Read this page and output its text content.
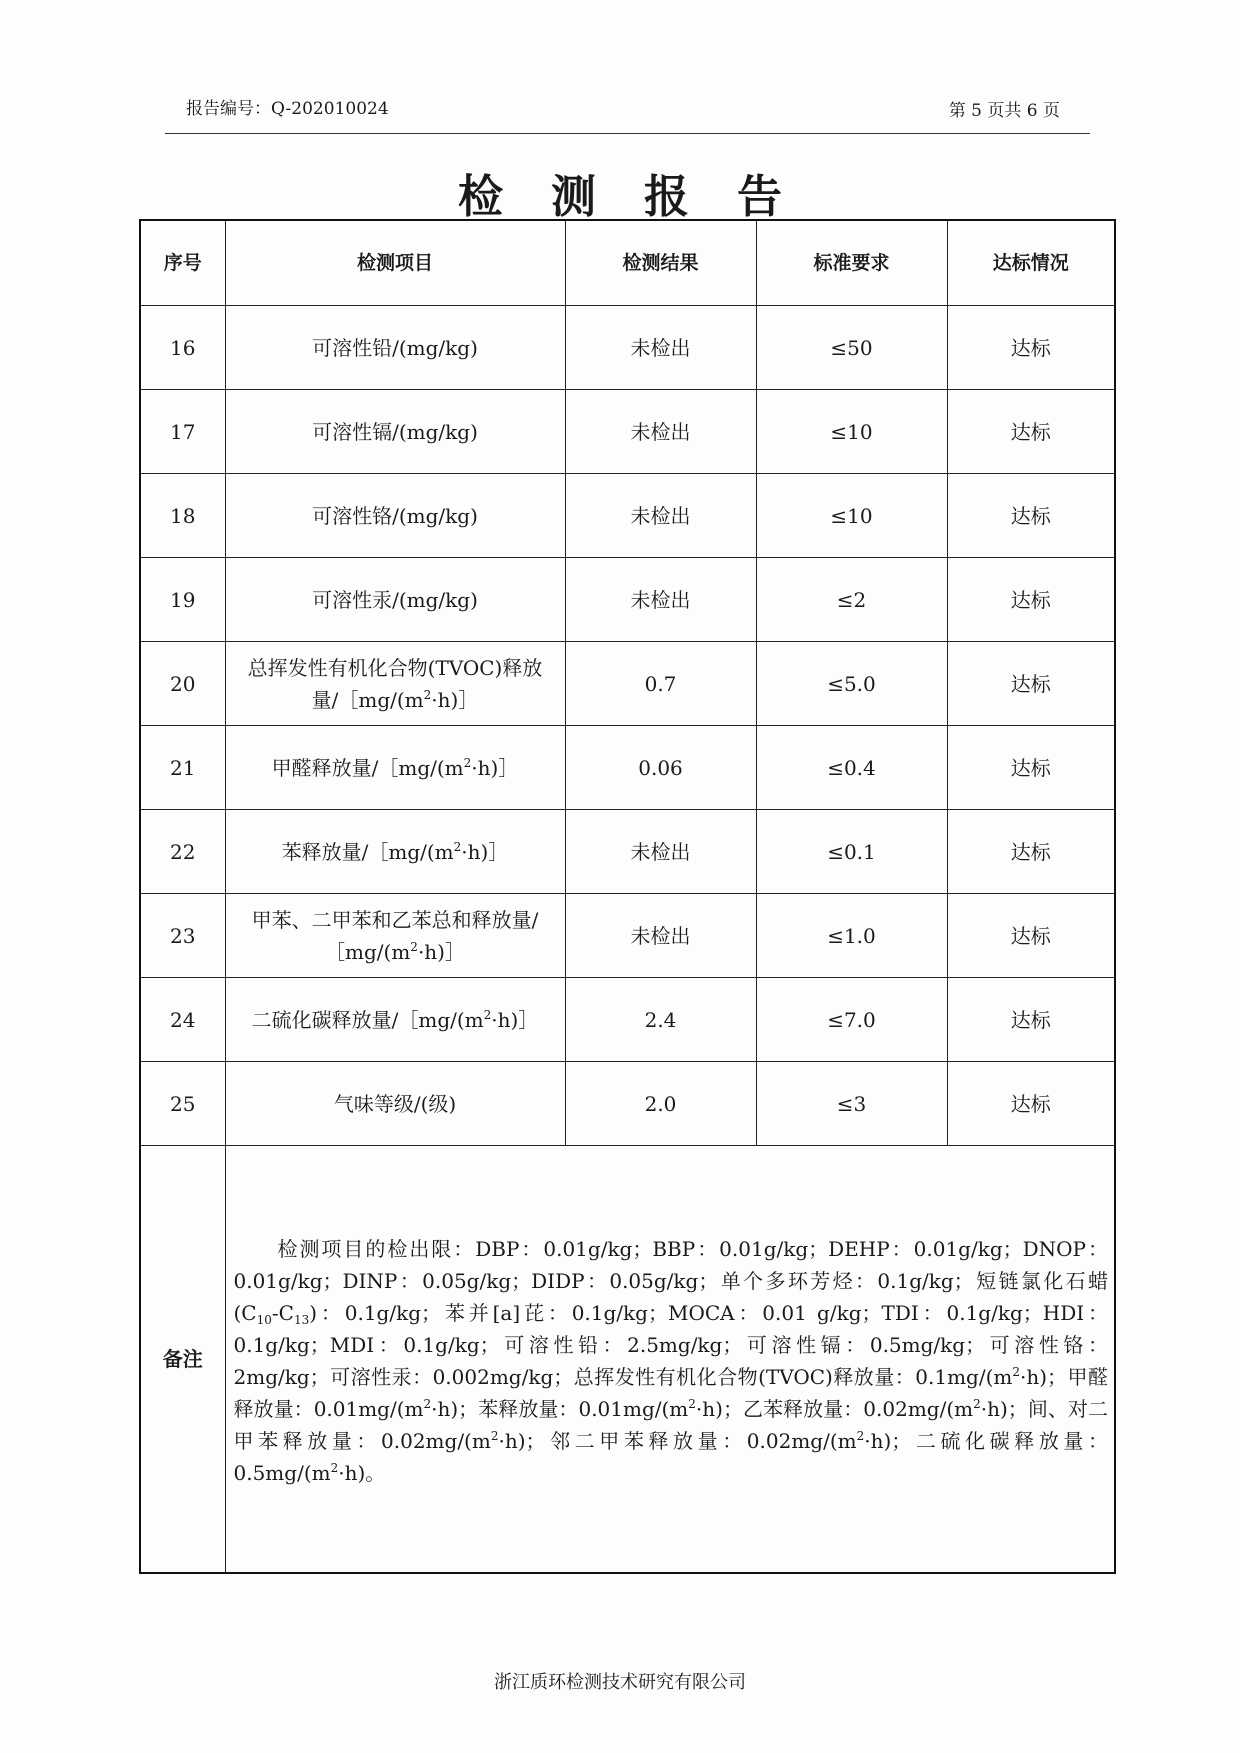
报告编号：Q-202010024	第 5 页共 6 页
检测报告
序号	检测项目	检测结果	标准要求	达标情况
16	可溶性铅/(mg/kg)	未检出	≤50	达标
17	可溶性镉/(mg/kg)	未检出	≤10	达标
18	可溶性铬/(mg/kg)	未检出	≤10	达标
19	可溶性汞/(mg/kg)	未检出	≤2	达标
20	总挥发性有机化合物(TVOC)释放
量$/[mg/(m^2\cdot h)]$	0.7	≤5.0	达标
21	甲醛释放量$/[mg/(m^2\cdot h)]$	0.06	≤0.4	达标
22	苯释放量$/[mg/(m^2\cdot h)]$	未检出	≤0.1	达标
23	甲苯、二甲苯和乙苯总和释放量/
$[mg/(m^2\cdot h)]$	未检出	≤1.0	达标
24	二硫化碳释放量$/[mg/(m^2\cdot h)]$	2.4	≤7.0	达标
25	气味等级/(级)	2.0	≤3	达标
备注	检测项目的检出限：DBP：0.01g/kg；BBP：0.01g/kg；DEHP：0.01g/kg；DNOP：0.01g/kg；DINP：0.05g/kg；DIDP：0.05g/kg；单个多环芳烃：0.1g/kg；短链氯化石蜡$(C_{10}-C_{13})$：0.1g/kg；苯并[a]芘：0.1g/kg；MOCA：0.01 g/kg；TDI：0.1g/kg；HDI：0.1g/kg；MDI：0.1g/kg；可溶性铅：2.5mg/kg；可溶性镉：0.5mg/kg；可溶性铬：2mg/kg；可溶性汞：0.002mg/kg；总挥发性有机化合物(TVOC)释放量：$0.1mg/(m^2\cdot h)$；甲醛释放量：$0.01mg/(m^2\cdot h)$；苯释放量：$0.01mg/(m^2\cdot h)$；乙苯释放量：$0.02mg/(m^2\cdot h)$；间、对二甲苯释放量：$0.02mg/(m^2\cdot h)$；邻二甲苯释放量：$0.02mg/(m^2\cdot h)$；二硫化碳释放量：$0.5mg/(m^2\cdot h)$。			
浙江质环检测技术研究有限公司
